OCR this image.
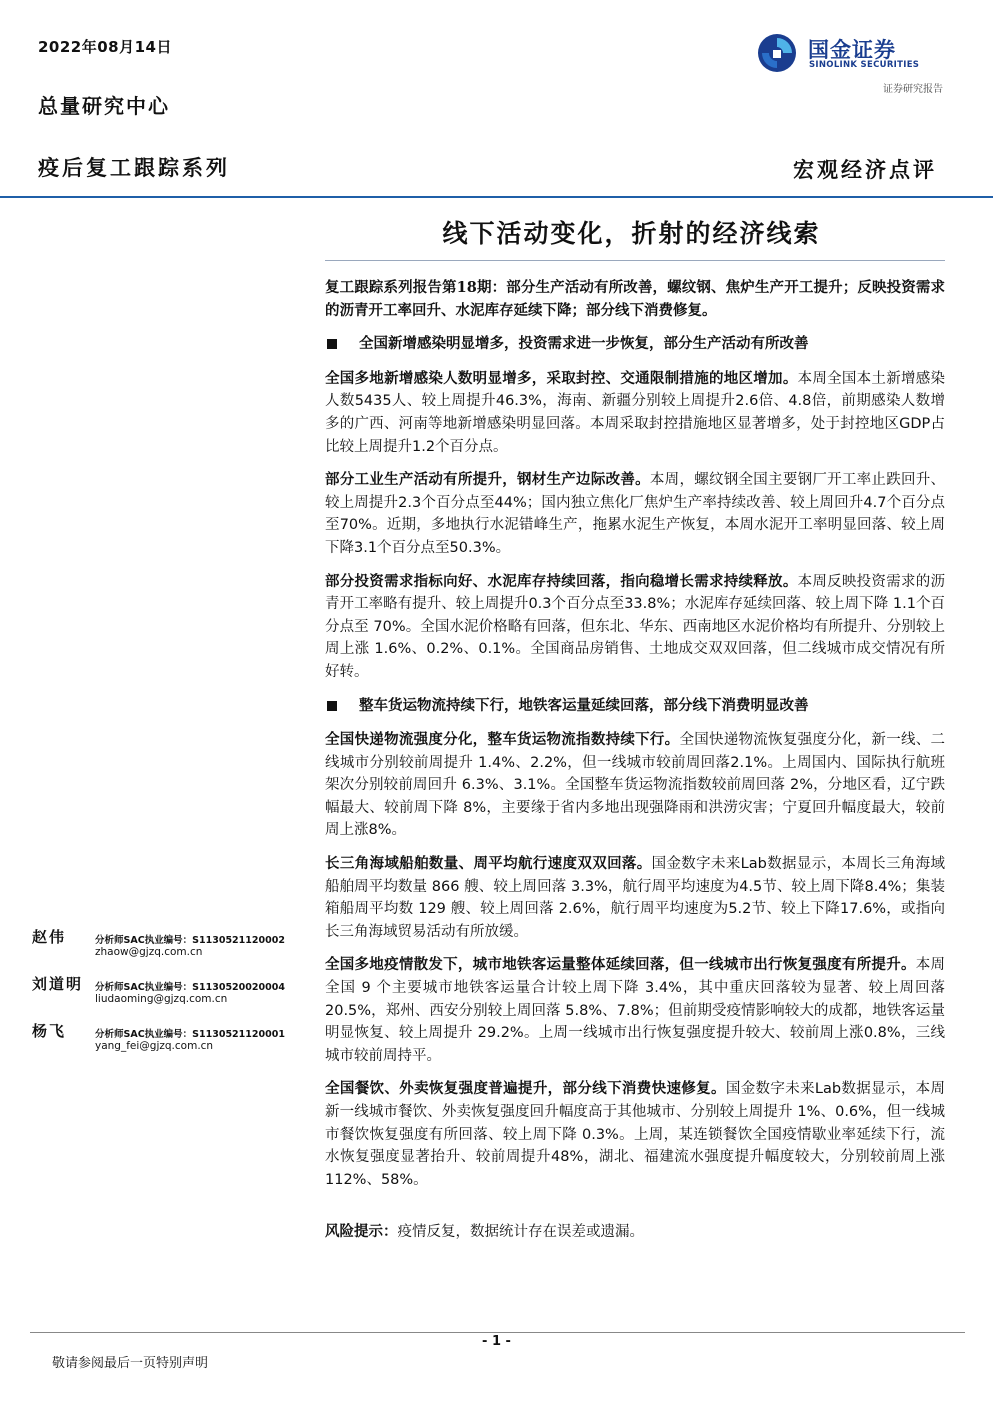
2022年08月14日
总量研究中心
疫后复工跟踪系列
国金证券
SINOLINK SECURITIES
证券研究报告
宏观经济点评
线下活动变化，折射的经济线索

复工跟踪系列报告第18期：部分生产活动有所改善，螺纹钢、焦炉生产开工提升；反映投资需求的沥青开工率回升、水泥库存延续下降；部分线下消费修复。

全国新增感染明显增多，投资需求进一步恢复，部分生产活动有所改善

全国多地新增感染人数明显增多，采取封控、交通限制措施的地区增加。本周全国本土新增感染人数5435人、较上周提升46.3%，海南、新疆分别较上周提升2.6倍、4.8倍，前期感染人数增多的广西、河南等地新增感染明显回落。本周采取封控措施地区显著增多，处于封控地区GDP占比较上周提升1.2个百分点。

部分工业生产活动有所提升，钢材生产边际改善。本周，螺纹钢全国主要钢厂开工率止跌回升、较上周提升2.3个百分点至44%；国内独立焦化厂焦炉生产率持续改善、较上周回升4.7个百分点至70%。近期，多地执行水泥错峰生产，拖累水泥生产恢复，本周水泥开工率明显回落、较上周下降3.1个百分点至50.3%。

部分投资需求指标向好、水泥库存持续回落，指向稳增长需求持续释放。本周反映投资需求的沥青开工率略有提升、较上周提升0.3个百分点至33.8%；水泥库存延续回落、较上周下降 1.1个百分点至 70%。全国水泥价格略有回落，但东北、华东、西南地区水泥价格均有所提升、分别较上周上涨 1.6%、0.2%、0.1%。全国商品房销售、土地成交双双回落，但二线城市成交情况有所好转。

整车货运物流持续下行，地铁客运量延续回落，部分线下消费明显改善

全国快递物流强度分化，整车货运物流指数持续下行。全国快递物流恢复强度分化，新一线、二线城市分别较前周提升 1.4%、2.2%，但一线城市较前周回落2.1%。上周国内、国际执行航班架次分别较前周回升 6.3%、3.1%。全国整车货运物流指数较前周回落 2%，分地区看，辽宁跌幅最大、较前周下降 8%，主要缘于省内多地出现强降雨和洪涝灾害；宁夏回升幅度最大，较前周上涨8%。

长三角海域船舶数量、周平均航行速度双双回落。国金数字未来Lab数据显示，本周长三角海域船舶周平均数量 866 艘、较上周回落 3.3%，航行周平均速度为4.5节、较上周下降8.4%；集装箱船周平均数 129 艘、较上周回落 2.6%，航行周平均速度为5.2节、较上下降17.6%，或指向长三角海域贸易活动有所放缓。

全国多地疫情散发下，城市地铁客运量整体延续回落，但一线城市出行恢复强度有所提升。本周全国 9 个主要城市地铁客运量合计较上周下降 3.4%，其中重庆回落较为显著、较上周回落 20.5%，郑州、西安分别较上周回落 5.8%、7.8%；但前期受疫情影响较大的成都，地铁客运量明显恢复、较上周提升 29.2%。上周一线城市出行恢复强度提升较大、较前周上涨0.8%，三线城市较前周持平。

全国餐饮、外卖恢复强度普遍提升，部分线下消费快速修复。国金数字未来Lab数据显示，本周新一线城市餐饮、外卖恢复强度回升幅度高于其他城市、分别较上周提升 1%、0.6%，但一线城市餐饮恢复强度有所回落、较上周下降 0.3%。上周，某连锁餐饮全国疫情歇业率延续下行，流水恢复强度显著抬升、较前周提升48%，湖北、福建流水强度提升幅度较大，分别较前周上涨112%、58%。

风险提示：疫情反复，数据统计存在误差或遗漏。

赵伟	分析师SAC执业编号：S1130521120002
zhaow@gjzq.com.cn
刘道明 分析师SAC执业编号：S1130520020004
liudaoming@gjzq.com.cn
杨飞	分析师SAC执业编号：S1130521120001
yang_fei@gjzq.com.cn
- 1 -
敬请参阅最后一页特别声明
